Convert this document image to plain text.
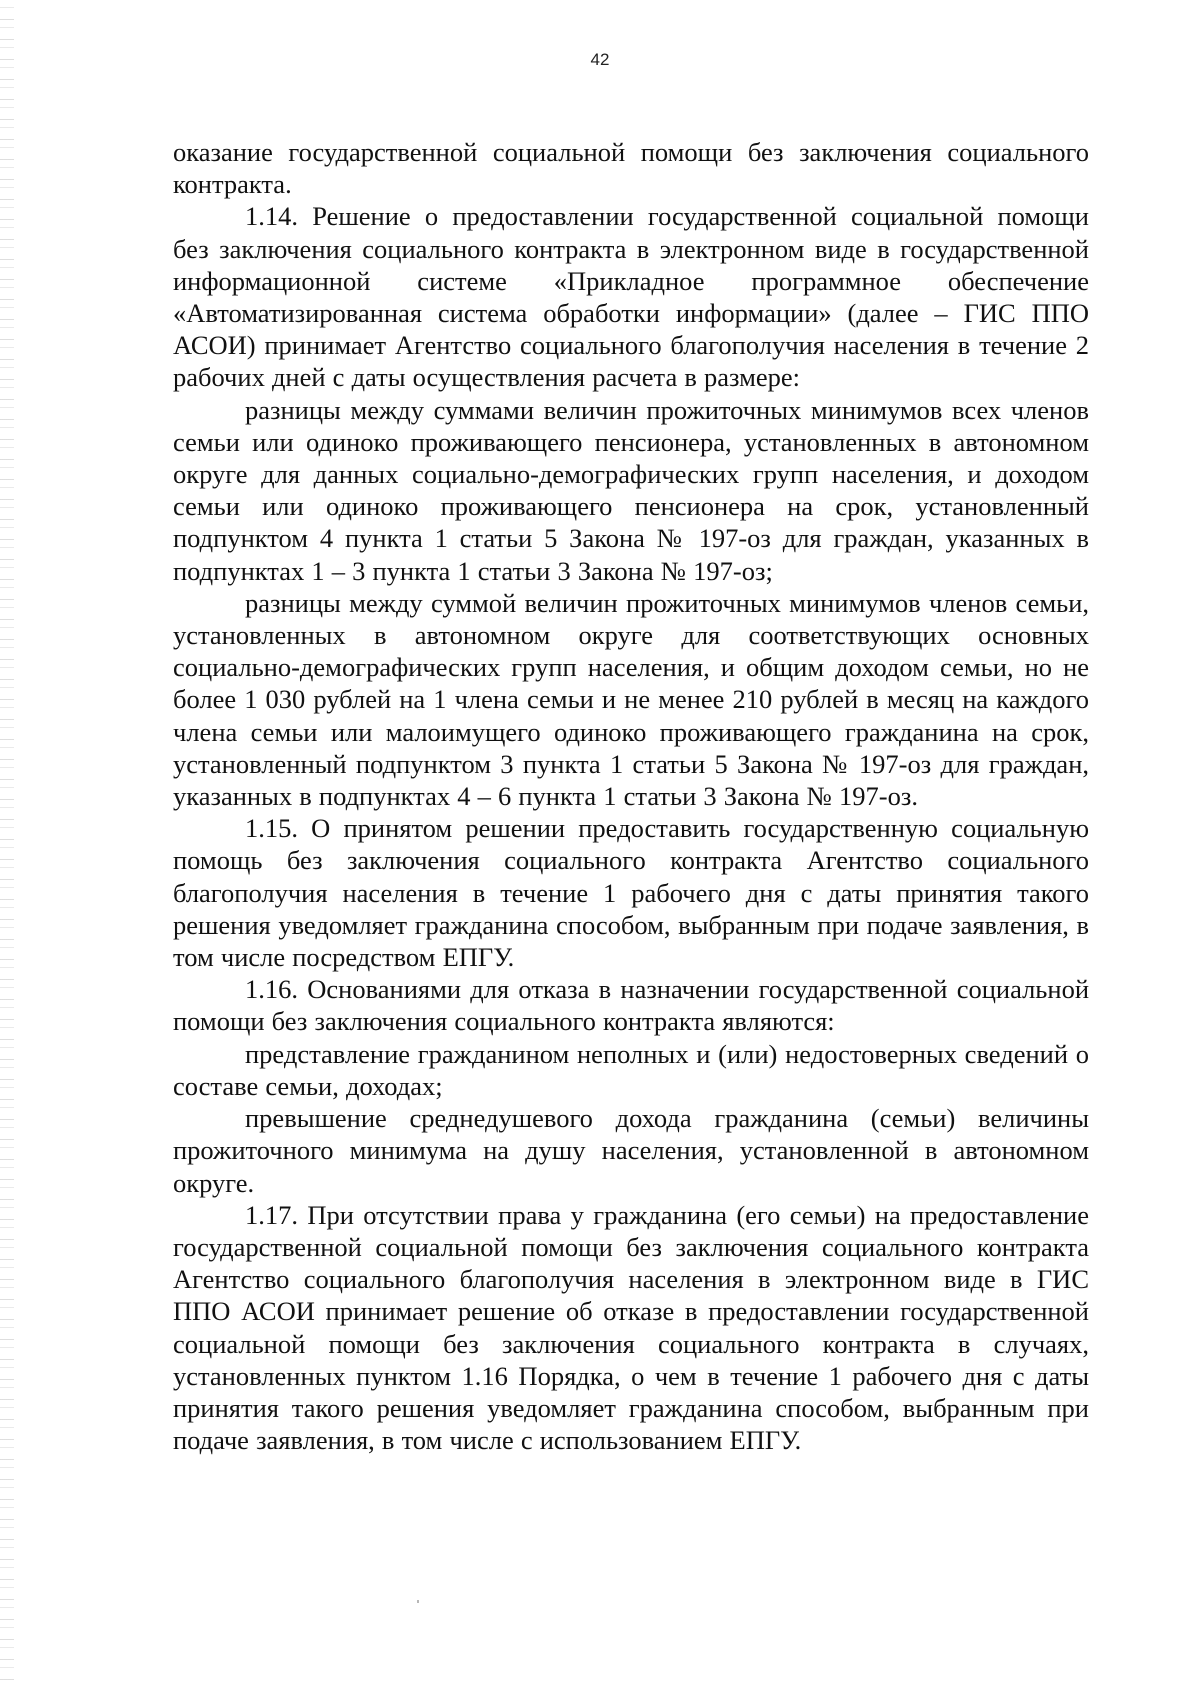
42

оказание государственной социальной помощи без заключения социального контракта.

1.14. Решение о предоставлении государственной социальной помощи без заключения социального контракта в электронном виде в государственной информационной системе «Прикладное программное обеспечение «Автоматизированная система обработки информации» (далее – ГИС ППО АСОИ) принимает Агентство социального благополучия населения в течение 2 рабочих дней с даты осуществления расчета в размере:

разницы между суммами величин прожиточных минимумов всех членов семьи или одиноко проживающего пенсионера, установленных в автономном округе для данных социально-демографических групп населения, и доходом семьи или одиноко проживающего пенсионера на срок, установленный подпунктом 4 пункта 1 статьи 5 Закона № 197-оз для граждан, указанных в подпунктах 1 – 3 пункта 1 статьи 3 Закона № 197-оз;

разницы между суммой величин прожиточных минимумов членов семьи, установленных в автономном округе для соответствующих основных социально-демографических групп населения, и общим доходом семьи, но не более 1 030 рублей на 1 члена семьи и не менее 210 рублей в месяц на каждого члена семьи или малоимущего одиноко проживающего гражданина на срок, установленный подпунктом 3 пункта 1 статьи 5 Закона № 197-оз для граждан, указанных в подпунктах 4 – 6 пункта 1 статьи 3 Закона № 197-оз.

1.15. О принятом решении предоставить государственную социальную помощь без заключения социального контракта Агентство социального благополучия населения в течение 1 рабочего дня с даты принятия такого решения уведомляет гражданина способом, выбранным при подаче заявления, в том числе посредством ЕПГУ.

1.16. Основаниями для отказа в назначении государственной социальной помощи без заключения социального контракта являются:

представление гражданином неполных и (или) недостоверных сведений о составе семьи, доходах;

превышение среднедушевого дохода гражданина (семьи) величины прожиточного минимума на душу населения, установленной в автономном округе.

1.17. При отсутствии права у гражданина (его семьи) на предоставление государственной социальной помощи без заключения социального контракта Агентство социального благополучия населения в электронном виде в ГИС ППО АСОИ принимает решение об отказе в предоставлении государственной социальной помощи без заключения социального контракта в случаях, установленных пунктом 1.16 Порядка, о чем в течение 1 рабочего дня с даты принятия такого решения уведомляет гражданина способом, выбранным при подаче заявления, в том числе с использованием ЕПГУ.
